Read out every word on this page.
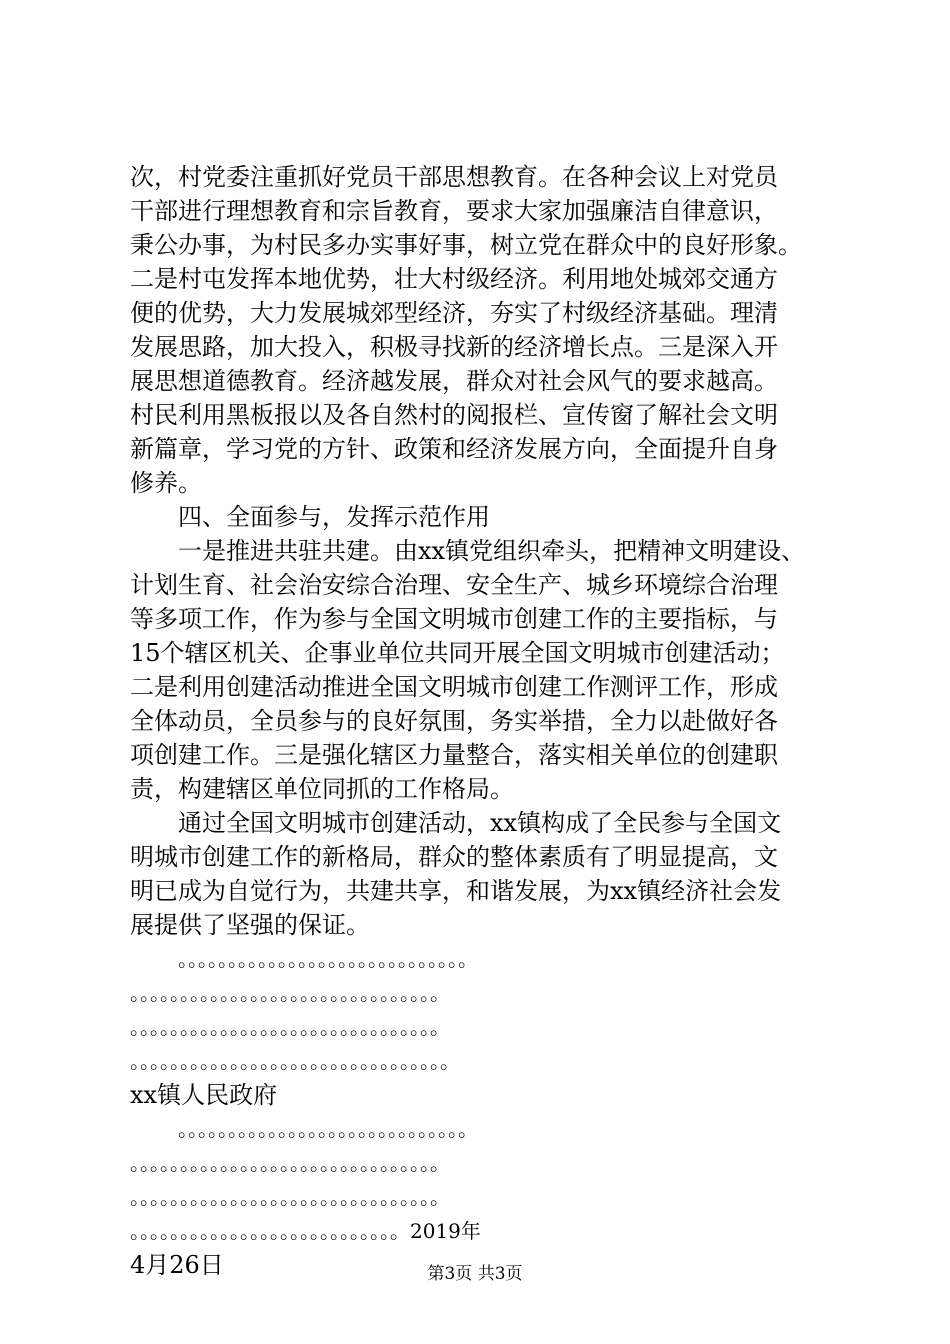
次，村党委注重抓好党员干部思想教育。在各种会议上对党员
干部进行理想教育和宗旨教育，要求大家加强廉洁自律意识，
秉公办事，为村民多办实事好事，树立党在群众中的良好形象。
二是村屯发挥本地优势，壮大村级经济。利用地处城郊交通方
便的优势，大力发展城郊型经济，夯实了村级经济基础。理清
发展思路，加大投入，积极寻找新的经济增长点。三是深入开
展思想道德教育。经济越发展，群众对社会风气的要求越高。
村民利用黑板报以及各自然村的阅报栏、宣传窗了解社会文明
新篇章，学习党的方针、政策和经济发展方向，全面提升自身
修养。
四、全面参与，发挥示范作用
一是推进共驻共建。由xx镇党组织牵头，把精神文明建设、
计划生育、社会治安综合治理、安全生产、城乡环境综合治理
等多项工作，作为参与全国文明城市创建工作的主要指标，与
15个辖区机关、企事业单位共同开展全国文明城市创建活动；
二是利用创建活动推进全国文明城市创建工作测评工作，形成
全体动员，全员参与的良好氛围，务实举措，全力以赴做好各
项创建工作。三是强化辖区力量整合，落实相关单位的创建职
责，构建辖区单位同抓的工作格局。
通过全国文明城市创建活动，xx镇构成了全民参与全国文
明城市创建工作的新格局，群众的整体素质有了明显提高，文
明已成为自觉行为，共建共享，和谐发展，为xx镇经济社会发
展提供了坚强的保证。
。。。。。。。。。。。。。。。。。。。。。。。。。。。。。
。。。。。。。。。。。。。。。。。。。。。。。。。。。。。。。
。。。。。。。。。。。。。。。。。。。。。。。。。。。。。。。
。。。。。。。。。。。。。。。。。。。。。。。。。。。。。。。。
xx镇人民政府
。。。。。。。。。。。。。。。。。。。。。。。。。。。。。
。。。。。。。。。。。。。。。。。。。。。。。。。。。。。。。
。。。。。。。。。。。。。。。。。。。。。。。。。。。。。。。
。。。。。。。。。。。。。。。。。。。。。。。。。。。2019年
4月26日	第3页 共3页
